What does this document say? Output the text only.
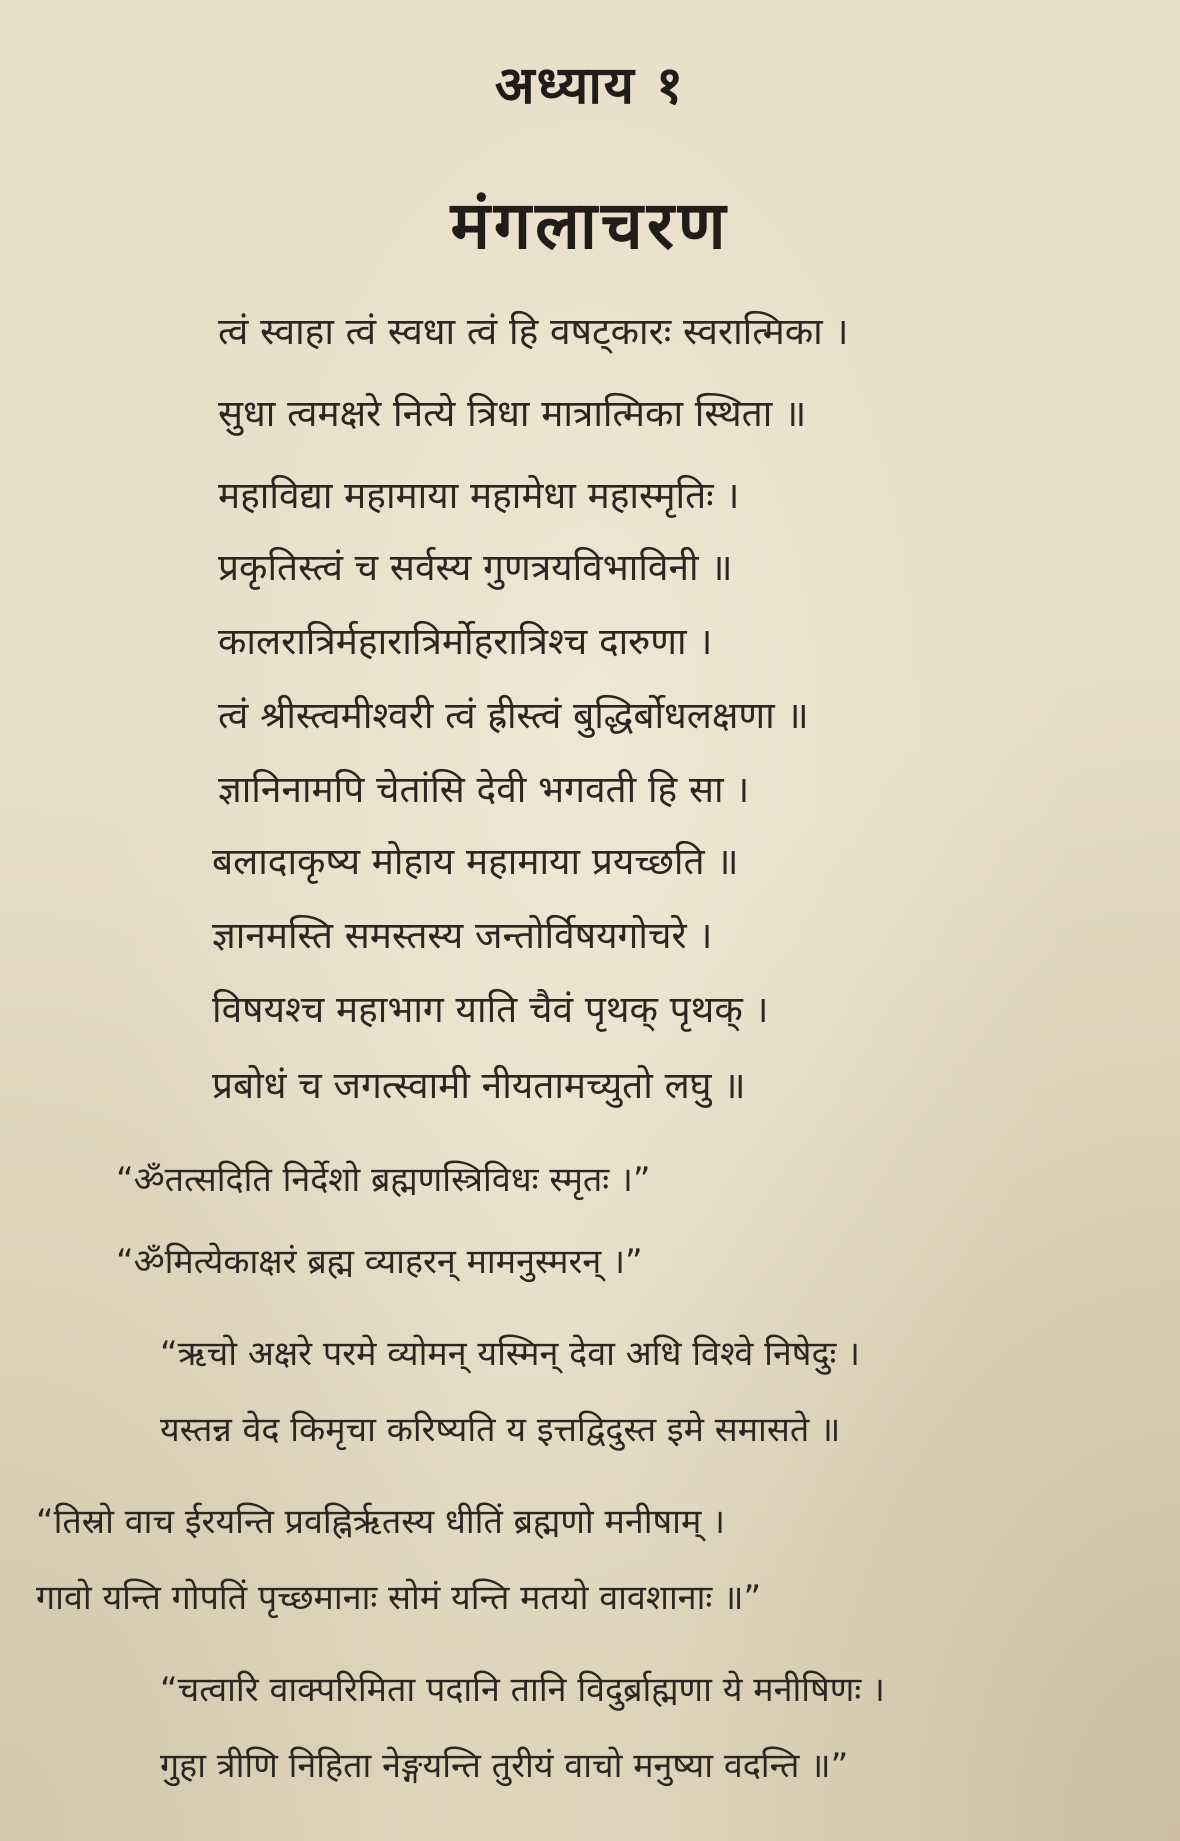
अध्याय १
मंगलाचरण
त्वं स्वाहा त्वं स्वधा त्वं हि वषट्कारः स्वरात्मिका ।
सुधा त्वमक्षरे नित्ये त्रिधा मात्रात्मिका स्थिता ॥
महाविद्या महामाया महामेधा महास्मृतिः ।
प्रकृतिस्त्वं च सर्वस्य गुणत्रयविभाविनी ॥
कालरात्रिर्महारात्रिर्मोहरात्रिश्च दारुणा ।
त्वं श्रीस्त्वमीश्वरी त्वं ह्रीस्त्वं बुद्धिर्बोधलक्षणा ॥
ज्ञानिनामपि चेतांसि देवी भगवती हि सा ।
बलादाकृष्य मोहाय महामाया प्रयच्छति ॥
ज्ञानमस्ति समस्तस्य जन्तोर्विषयगोचरे ।
विषयश्च महाभाग याति चैवं पृथक् पृथक् ।
प्रबोधं च जगत्स्वामी नीयतामच्युतो लघु ॥
“ॐतत्सदिति निर्देशो ब्रह्मणस्त्रिविधः स्मृतः ।”
“ॐमित्येकाक्षरं ब्रह्म व्याहरन् मामनुस्मरन् ।”
“ऋचो अक्षरे परमे व्योमन् यस्मिन् देवा अधि विश्वे निषेदुः ।
यस्तन्न वेद किमृचा करिष्यति य इत्तद्विदुस्त इमे समासते ॥
“तिस्रो वाच ईरयन्ति प्रवह्निर्ऋतस्य धीतिं ब्रह्मणो मनीषाम् ।
गावो यन्ति गोपतिं पृच्छमानाः सोमं यन्ति मतयो वावशानाः ॥”
“चत्वारि वाक्परिमिता पदानि तानि विदुर्ब्राह्मणा ये मनीषिणः ।
गुहा त्रीणि निहिता नेङ्गयन्ति तुरीयं वाचो मनुष्या वदन्ति ॥”
